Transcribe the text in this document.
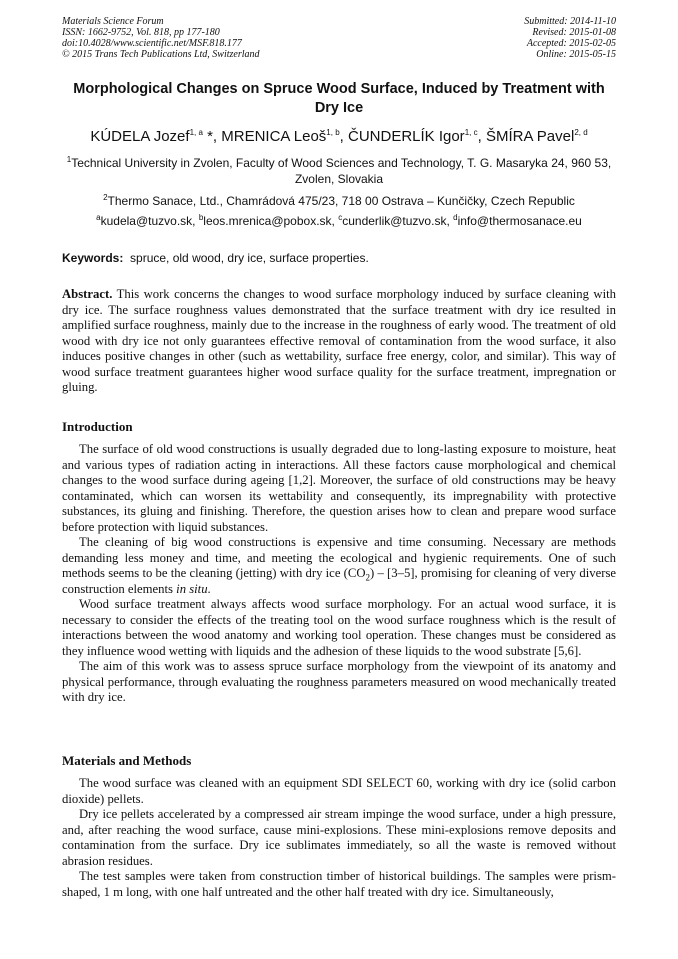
Materials Science Forum
ISSN: 1662-9752, Vol. 818, pp 177-180
doi:10.4028/www.scientific.net/MSF.818.177
© 2015 Trans Tech Publications Ltd, Switzerland
Submitted: 2014-11-10
Revised: 2015-01-08
Accepted: 2015-02-05
Online: 2015-05-15
Morphological Changes on Spruce Wood Surface, Induced by Treatment with Dry Ice
KÚDELA Jozef$^{1, a}$ *, MRENICA Leoš$^{1, b}$, ČUNDERLÍK Igor$^{1, c}$, ŠMÍRA Pavel$^{2, d}$
$^1$Technical University in Zvolen, Faculty of Wood Sciences and Technology, T. G. Masaryka 24, 960 53, Zvolen, Slovakia
$^2$Thermo Sanace, Ltd., Chamrádová 475/23, 718 00 Ostrava – Kunčičky, Czech Republic
$^a$kudela@tuzvo.sk, $^b$leos.mrenica@pobox.sk, $^c$cunderlik@tuzvo.sk, $^d$info@thermosanace.eu
Keywords: spruce, old wood, dry ice, surface properties.
Abstract. This work concerns the changes to wood surface morphology induced by surface cleaning with dry ice. The surface roughness values demonstrated that the surface treatment with dry ice resulted in amplified surface roughness, mainly due to the increase in the roughness of early wood. The treatment of old wood with dry ice not only guarantees effective removal of contamination from the wood surface, it also induces positive changes in other (such as wettability, surface free energy, color, and similar). This way of wood surface treatment guarantees higher wood surface quality for the surface treatment, impregnation or gluing.
Introduction

The surface of old wood constructions is usually degraded due to long-lasting exposure to moisture, heat and various types of radiation acting in interactions. All these factors cause morphological and chemical changes to the wood surface during ageing [1,2]. Moreover, the surface of old constructions may be heavy contaminated, which can worsen its wettability and consequently, its impregnability with protective substances, its gluing and finishing. Therefore, the question arises how to clean and prepare wood surface before protection with liquid substances.

The cleaning of big wood constructions is expensive and time consuming. Necessary are methods demanding less money and time, and meeting the ecological and hygienic requirements. One of such methods seems to be the cleaning (jetting) with dry ice $(CO_2) - [3-5]$, promising for cleaning of very diverse construction elements in situ.

Wood surface treatment always affects wood surface morphology. For an actual wood surface, it is necessary to consider the effects of the treating tool on the wood surface roughness which is the result of interactions between the wood anatomy and working tool operation. These changes must be considered as they influence wood wetting with liquids and the adhesion of these liquids to the wood substrate [5,6].

The aim of this work was to assess spruce surface morphology from the viewpoint of its anatomy and physical performance, through evaluating the roughness parameters measured on wood mechanically treated with dry ice.

Materials and Methods

The wood surface was cleaned with an equipment SDI SELECT 60, working with dry ice (solid carbon dioxide) pellets.

Dry ice pellets accelerated by a compressed air stream impinge the wood surface, under a high pressure, and, after reaching the wood surface, cause mini-explosions. These mini-explosions remove deposits and contamination from the surface. Dry ice sublimates immediately, so all the waste is removed without abrasion residues.

The test samples were taken from construction timber of historical buildings. The samples were prism-shaped, 1 m long, with one half untreated and the other half treated with dry ice. Simultaneously,
